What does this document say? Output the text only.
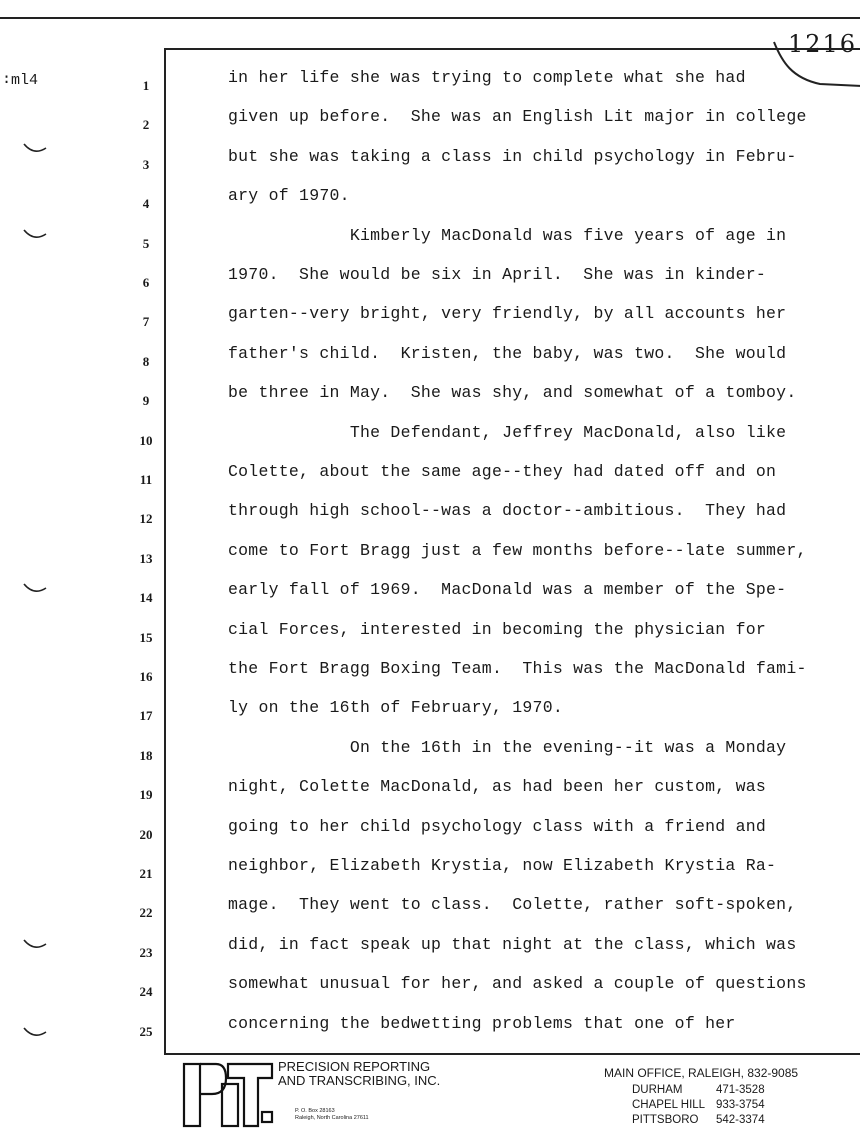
∶ml4
1216
1	in her life she was trying to complete what she had
2	given up before.  She was an English Lit major in college
3	but she was taking a class in child psychology in Febru-
4	ary of 1970.
5	Kimberly MacDonald was five years of age in
6	1970.  She would be six in April.  She was in kinder-
7	garten--very bright, very friendly, by all accounts her
8	father's child.  Kristen, the baby, was two.  She would
9	be three in May.  She was shy, and somewhat of a tomboy.
10	The Defendant, Jeffrey MacDonald, also like
11	Colette, about the same age--they had dated off and on
12	through high school--was a doctor--ambitious.  They had
13	come to Fort Bragg just a few months before--late summer,
14	early fall of 1969.  MacDonald was a member of the Spe-
15	cial Forces, interested in becoming the physician for
16	the Fort Bragg Boxing Team.  This was the MacDonald fami-
17	ly on the 16th of February, 1970.
18	On the 16th in the evening--it was a Monday
19	night, Colette MacDonald, as had been her custom, was
20	going to her child psychology class with a friend and
21	neighbor, Elizabeth Krystia, now Elizabeth Krystia Ra-
22	mage.  They went to class.  Colette, rather soft-spoken,
23	did, in fact speak up that night at the class, which was
24	somewhat unusual for her, and asked a couple of questions
25	concerning the bedwetting problems that one of her
P&T	PRECISION REPORTING
AND TRANSCRIBING, INC.
P. O. Box 28163
Raleigh, North Carolina 27611
MAIN OFFICE, RALEIGH, 832-9085
DURHAM	471-3528
CHAPEL HILL 933-3754
PITTSBORO 542-3374
